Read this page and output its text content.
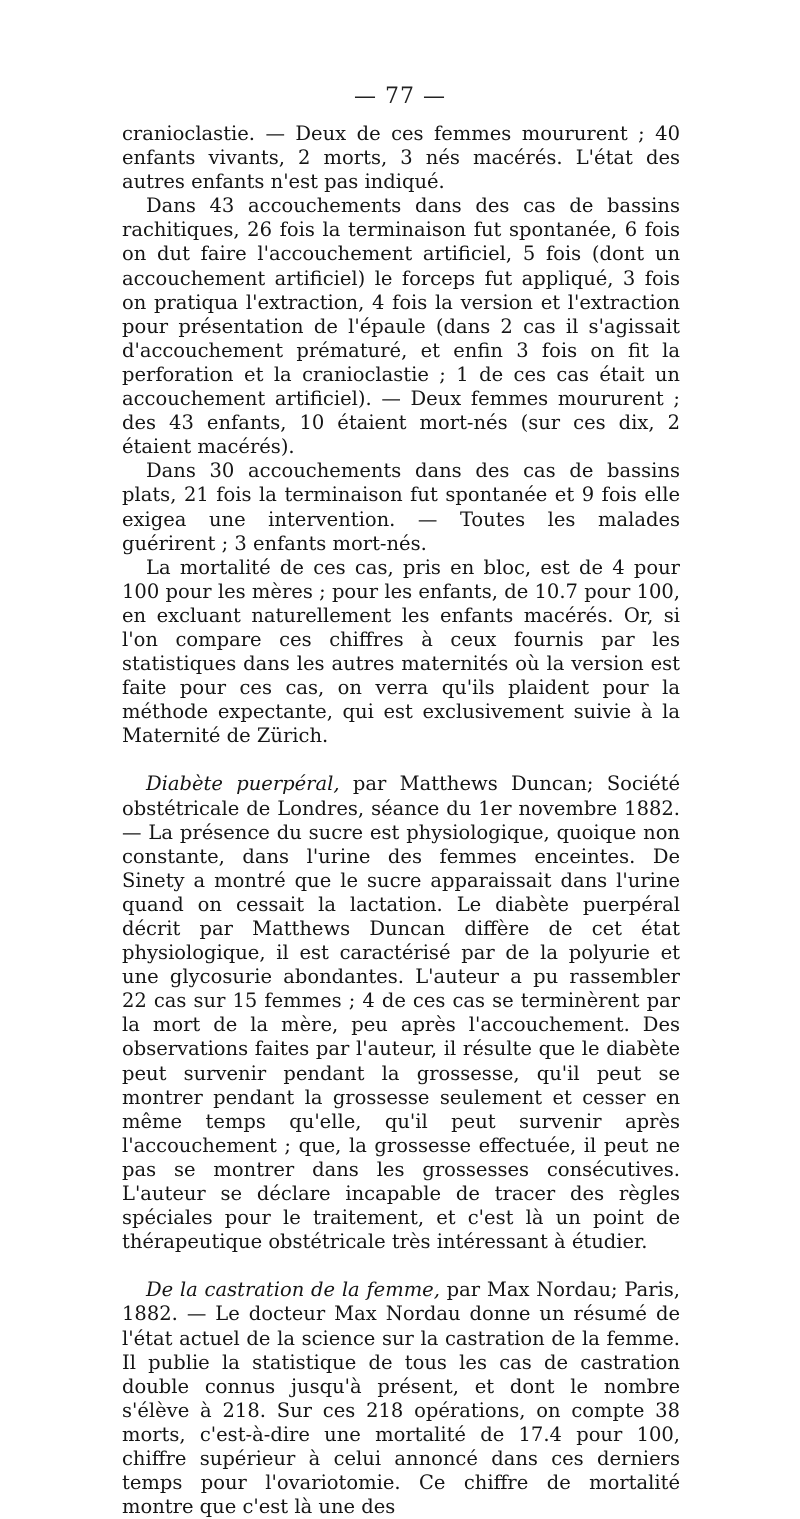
— 77 —

cranioclastie. — Deux de ces femmes moururent ; 40 enfants vivants, 2 morts, 3 nés macérés. L'état des autres enfants n'est pas indiqué.

Dans 43 accouchements dans des cas de bassins rachitiques, 26 fois la terminaison fut spontanée, 6 fois on dut faire l'accouchement artificiel, 5 fois (dont un accouchement artificiel) le forceps fut appliqué, 3 fois on pratiqua l'extraction, 4 fois la version et l'extraction pour présentation de l'épaule (dans 2 cas il s'agissait d'accouchement prématuré, et enfin 3 fois on fit la perforation et la cranioclastie ; 1 de ces cas était un accouchement artificiel). — Deux femmes moururent ; des 43 enfants, 10 étaient mort-nés (sur ces dix, 2 étaient macérés).

Dans 30 accouchements dans des cas de bassins plats, 21 fois la terminaison fut spontanée et 9 fois elle exigea une intervention. — Toutes les malades guérirent ; 3 enfants mort-nés.

La mortalité de ces cas, pris en bloc, est de 4 pour 100 pour les mères ; pour les enfants, de 10.7 pour 100, en excluant naturellement les enfants macérés. Or, si l'on compare ces chiffres à ceux fournis par les statistiques dans les autres maternités où la version est faite pour ces cas, on verra qu'ils plaident pour la méthode expectante, qui est exclusivement suivie à la Maternité de Zürich.

Diabète puerpéral, par Matthews Duncan; Société obstétricale de Londres, séance du 1er novembre 1882. — La présence du sucre est physiologique, quoique non constante, dans l'urine des femmes enceintes. De Sinety a montré que le sucre apparaissait dans l'urine quand on cessait la lactation. Le diabète puerpéral décrit par Matthews Duncan diffère de cet état physiologique, il est caractérisé par de la polyurie et une glycosurie abondantes. L'auteur a pu rassembler 22 cas sur 15 femmes ; 4 de ces cas se terminèrent par la mort de la mère, peu après l'accouchement. Des observations faites par l'auteur, il résulte que le diabète peut survenir pendant la grossesse, qu'il peut se montrer pendant la grossesse seulement et cesser en même temps qu'elle, qu'il peut survenir après l'accouchement ; que, la grossesse effectuée, il peut ne pas se montrer dans les grossesses consécutives. L'auteur se déclare incapable de tracer des règles spéciales pour le traitement, et c'est là un point de thérapeutique obstétricale très intéressant à étudier.

De la castration de la femme, par Max Nordau; Paris, 1882. — Le docteur Max Nordau donne un résumé de l'état actuel de la science sur la castration de la femme. Il publie la statistique de tous les cas de castration double connus jusqu'à présent, et dont le nombre s'élève à 218. Sur ces 218 opérations, on compte 38 morts, c'est-à-dire une mortalité de 17.4 pour 100, chiffre supérieur à celui annoncé dans ces derniers temps pour l'ovariotomie. Ce chiffre de mortalité montre que c'est là une des
